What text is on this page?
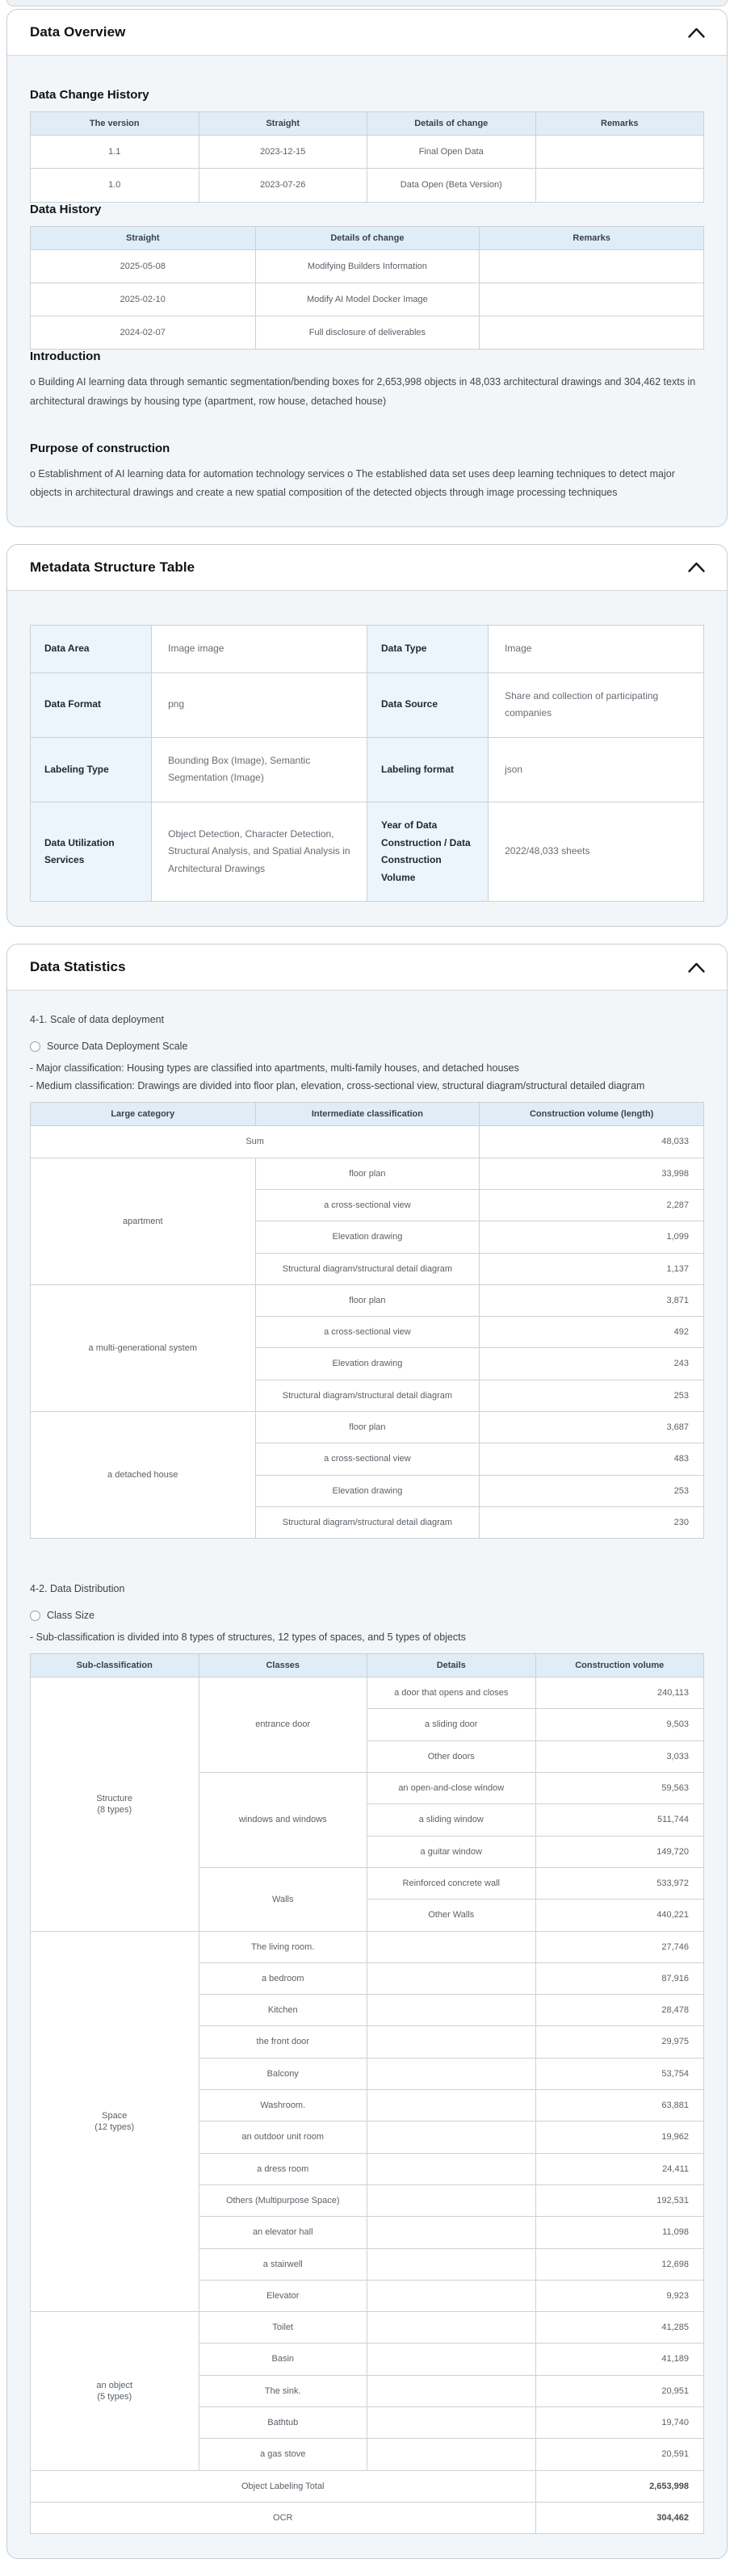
Data Overview
Data Change History
The version	Straight	Details of change	Remarks
1.1	2023-12-15	Final Open Data	
1.0	2023-07-26	Data Open (Beta Version)	
Data History
Straight	Details of change	Remarks
2025-05-08	Modifying Builders Information	
2025-02-10	Modify AI Model Docker Image	
2024-02-07	Full disclosure of deliverables	
Introduction

o Building AI learning data through semantic segmentation/bending boxes for 2,653,998 objects in 48,033 architectural drawings and 304,462 texts in architectural drawings by housing type (apartment, row house, detached house)

Purpose of construction

o Establishment of AI learning data for automation technology services o The established data set uses deep learning techniques to detect major objects in architectural drawings and create a new spatial composition of the detected objects through image processing techniques

Metadata Structure Table
Data Area	Image image	Data Type	Image
Data Format	png	Data Source	Share and collection of participating companies
Labeling Type	Bounding Box (Image), Semantic Segmentation (Image)	Labeling format	json
Data Utilization Services	Object Detection, Character Detection, Structural Analysis, and Spatial Analysis in Architectural Drawings	Year of Data Construction / Data Construction Volume	2022/48,033 sheets
Data Statistics
4-1. Scale of data deployment
Source Data Deployment Scale
- Major classification: Housing types are classified into apartments, multi-family houses, and detached houses
- Medium classification: Drawings are divided into floor plan, elevation, cross-sectional view, structural diagram/structural detailed diagram
Large category	Intermediate classification	Construction volume (length)
Sum		48,033
apartment	floor plan	33,998
	a cross-sectional view	2,287
	Elevation drawing	1,099
	Structural diagram/structural detail diagram	1,137
a multi-generational system	floor plan	3,871
	a cross-sectional view	492
	Elevation drawing	243
	Structural diagram/structural detail diagram	253
a detached house	floor plan	3,687
	a cross-sectional view	483
	Elevation drawing	253
	Structural diagram/structural detail diagram	230
4-2. Data Distribution
Class Size
- Sub-classification is divided into 8 types of structures, 12 types of spaces, and 5 types of objects
Sub-classification	Classes	Details	Construction volume

Structure
(8 types)	entrance door	a door that opens and closes	240,113
		a sliding door	9,503
		Other doors	3,033
	windows and windows	an open-and-close window	59,563
		a sliding window	511,744
		a guitar window	149,720
	Walls	Reinforced concrete wall	533,972
		Other Walls	440,221

Space
(12 types)	The living room.		27,746
	a bedroom		87,916
	Kitchen		28,478
	the front door		29,975
	Balcony		53,754
	Washroom.		63,881
	an outdoor unit room		19,962
	a dress room		24,411
	Others (Multipurpose Space)		192,531
	an elevator hall		11,098
	a stairwell		12,698
	Elevator		9,923

an object
(5 types)	Toilet		41,285
	Basin		41,189
	The sink.		20,951
	Bathtub		19,740
	a gas stove		20,591
Object Labeling Total			2,653,998
OCR			304,462
